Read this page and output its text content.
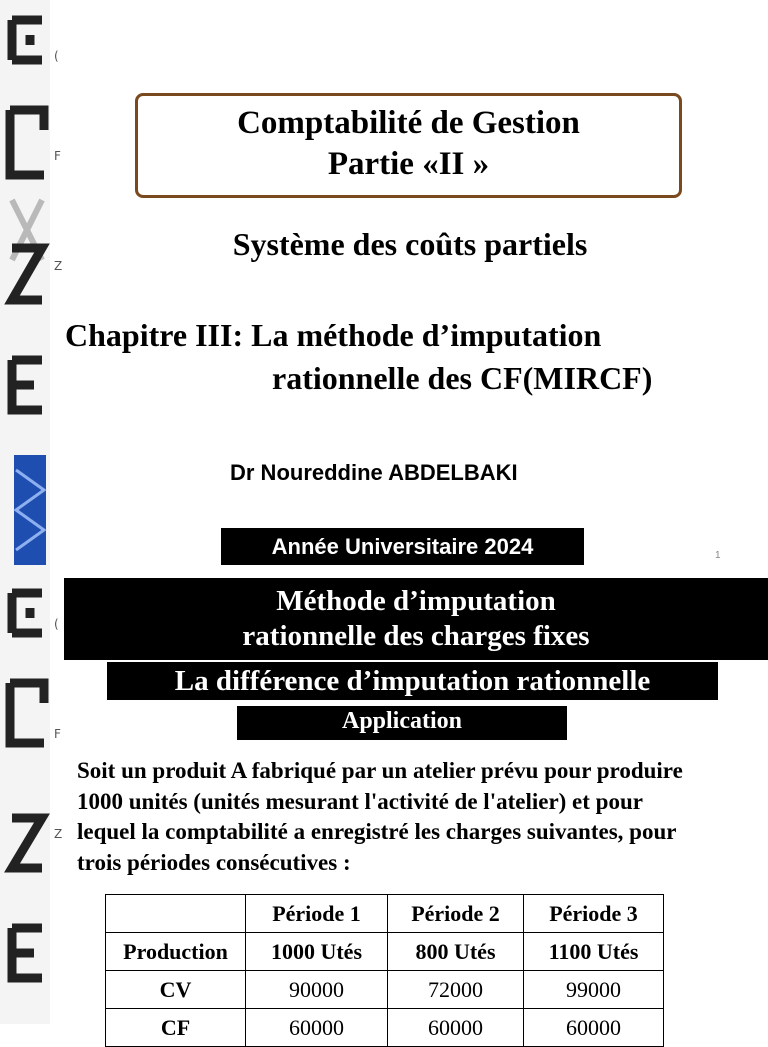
(
F
Z
Comptabilité de Gestion
Partie «II »
Système des coûts partiels
Chapitre III: La méthode d’imputation
rationnelle des CF(MIRCF)
Dr Noureddine ABDELBAKI
Année Universitaire 2024	1
(
F
Z
Méthode d’imputation
rationnelle des charges fixes
La différence d’imputation rationnelle
Application
Soit un produit A fabriqué par un atelier prévu pour produire
1000 unités (unités mesurant l'activité de l'atelier) et pour
lequel la comptabilité a enregistré les charges suivantes, pour
trois périodes consécutives :
	Période 1	Période 2	Période 3
Production	1000 Utés	800 Utés	1100 Utés
CV	90000	72000	99000
CF	60000	60000	60000
